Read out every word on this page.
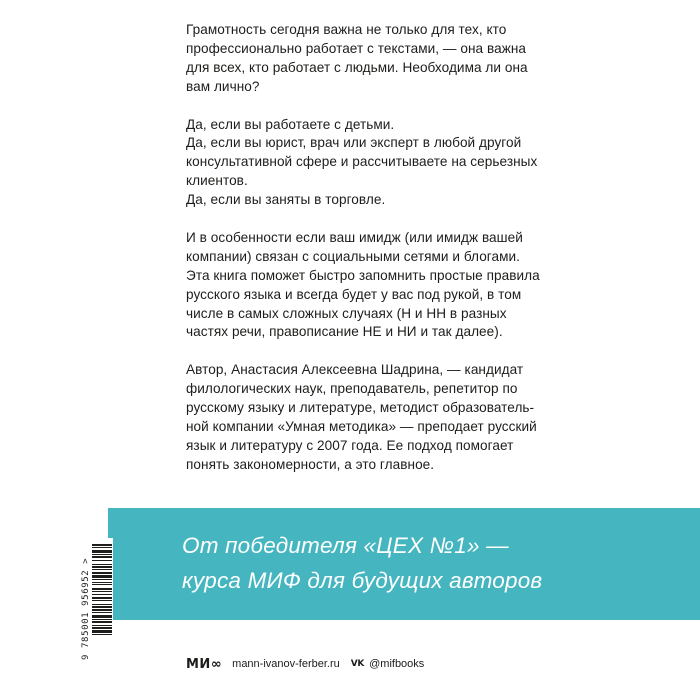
Грамотность сегодня важна не только для тех, кто
профессионально работает с текстами, — она важна
для всех, кто работает с людьми. Необходима ли она
вам лично?
Да, если вы работаете с детьми.
Да, если вы юрист, врач или эксперт в любой другой
консультативной сфере и рассчитываете на серьезных
клиентов.
Да, если вы заняты в торговле.
И в особенности если ваш имидж (или имидж вашей
компании) связан с социальными сетями и блогами.
Эта книга поможет быстро запомнить простые правила
русского языка и всегда будет у вас под рукой, в том
числе в самых сложных случаях (Н и НН в разных
частях речи, правописание НЕ и НИ и так далее).
Автор, Анастасия Алексеевна Шадрина, — кандидат
филологических наук, преподаватель, репетитор по
русскому языку и литературе, методист образователь-
ной компании «Умная методика» — преподает русский
язык и литературу с 2007 года. Ее подход помогает
понять закономерности, а это главное.
От победителя «ЦЕХ №1» —
курса МИФ для будущих авторов
9 785001 956952 >
МИ∞ mann-ivanov-ferber.ru VK @mifbooks
